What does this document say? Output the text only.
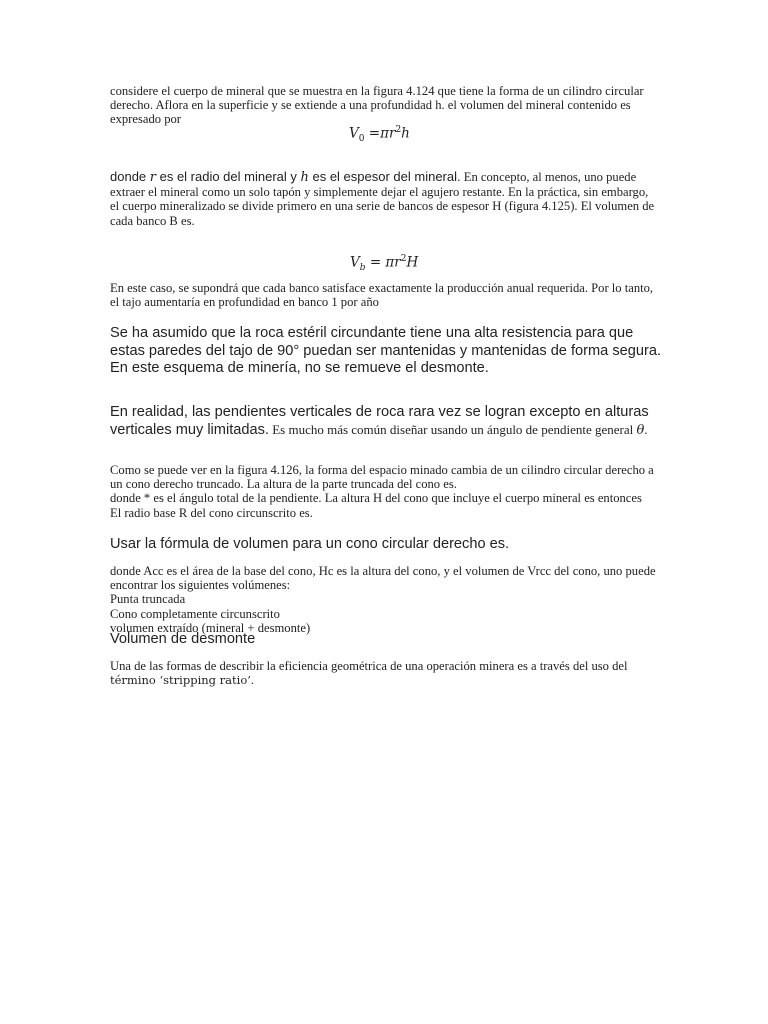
considere el cuerpo de mineral que se muestra en la figura 4.124 que tiene la forma de un cilindro circular derecho. Aflora en la superficie y se extiende a una profundidad h. el volumen del mineral contenido es expresado por

$V_0 =\pi r^2h$

donde r es el radio del mineral y h es el espesor del mineral. En concepto, al menos, uno puede extraer el mineral como un solo tapón y simplemente dejar el agujero restante. En la práctica, sin embargo, el cuerpo mineralizado se divide primero en una serie de bancos de espesor H (figura 4.125). El volumen de cada banco B es.

$V_b = \pi r^2H$

En este caso, se supondrá que cada banco satisface exactamente la producción anual requerida. Por lo tanto, el tajo aumentaría en profundidad en banco 1 por año

Se ha asumido que la roca estéril circundante tiene una alta resistencia para que estas paredes del tajo de 90° puedan ser mantenidas y mantenidas de forma segura. En este esquema de minería, no se remueve el desmonte.

En realidad, las pendientes verticales de roca rara vez se logran excepto en alturas verticales muy limitadas. Es mucho más común diseñar usando un ángulo de pendiente general θ.

Como se puede ver en la figura 4.126, la forma del espacio minado cambia de un cilindro circular derecho a un cono derecho truncado. La altura de la parte truncada del cono es.

donde * es el ángulo total de la pendiente. La altura H del cono que incluye el cuerpo mineral es entonces

El radio base R del cono circunscrito es.

Usar la fórmula de volumen para un cono circular derecho es.

donde Acc es el área de la base del cono, Hc es la altura del cono, y el volumen de Vrcc del cono, uno puede encontrar los siguientes volúmenes:

Punta truncada
Cono completamente circunscrito
volumen extraído (mineral + desmonte)

Volumen de desmonte

Una de las formas de describir la eficiencia geométrica de una operación minera es a través del uso del

término ‘stripping ratio’.
